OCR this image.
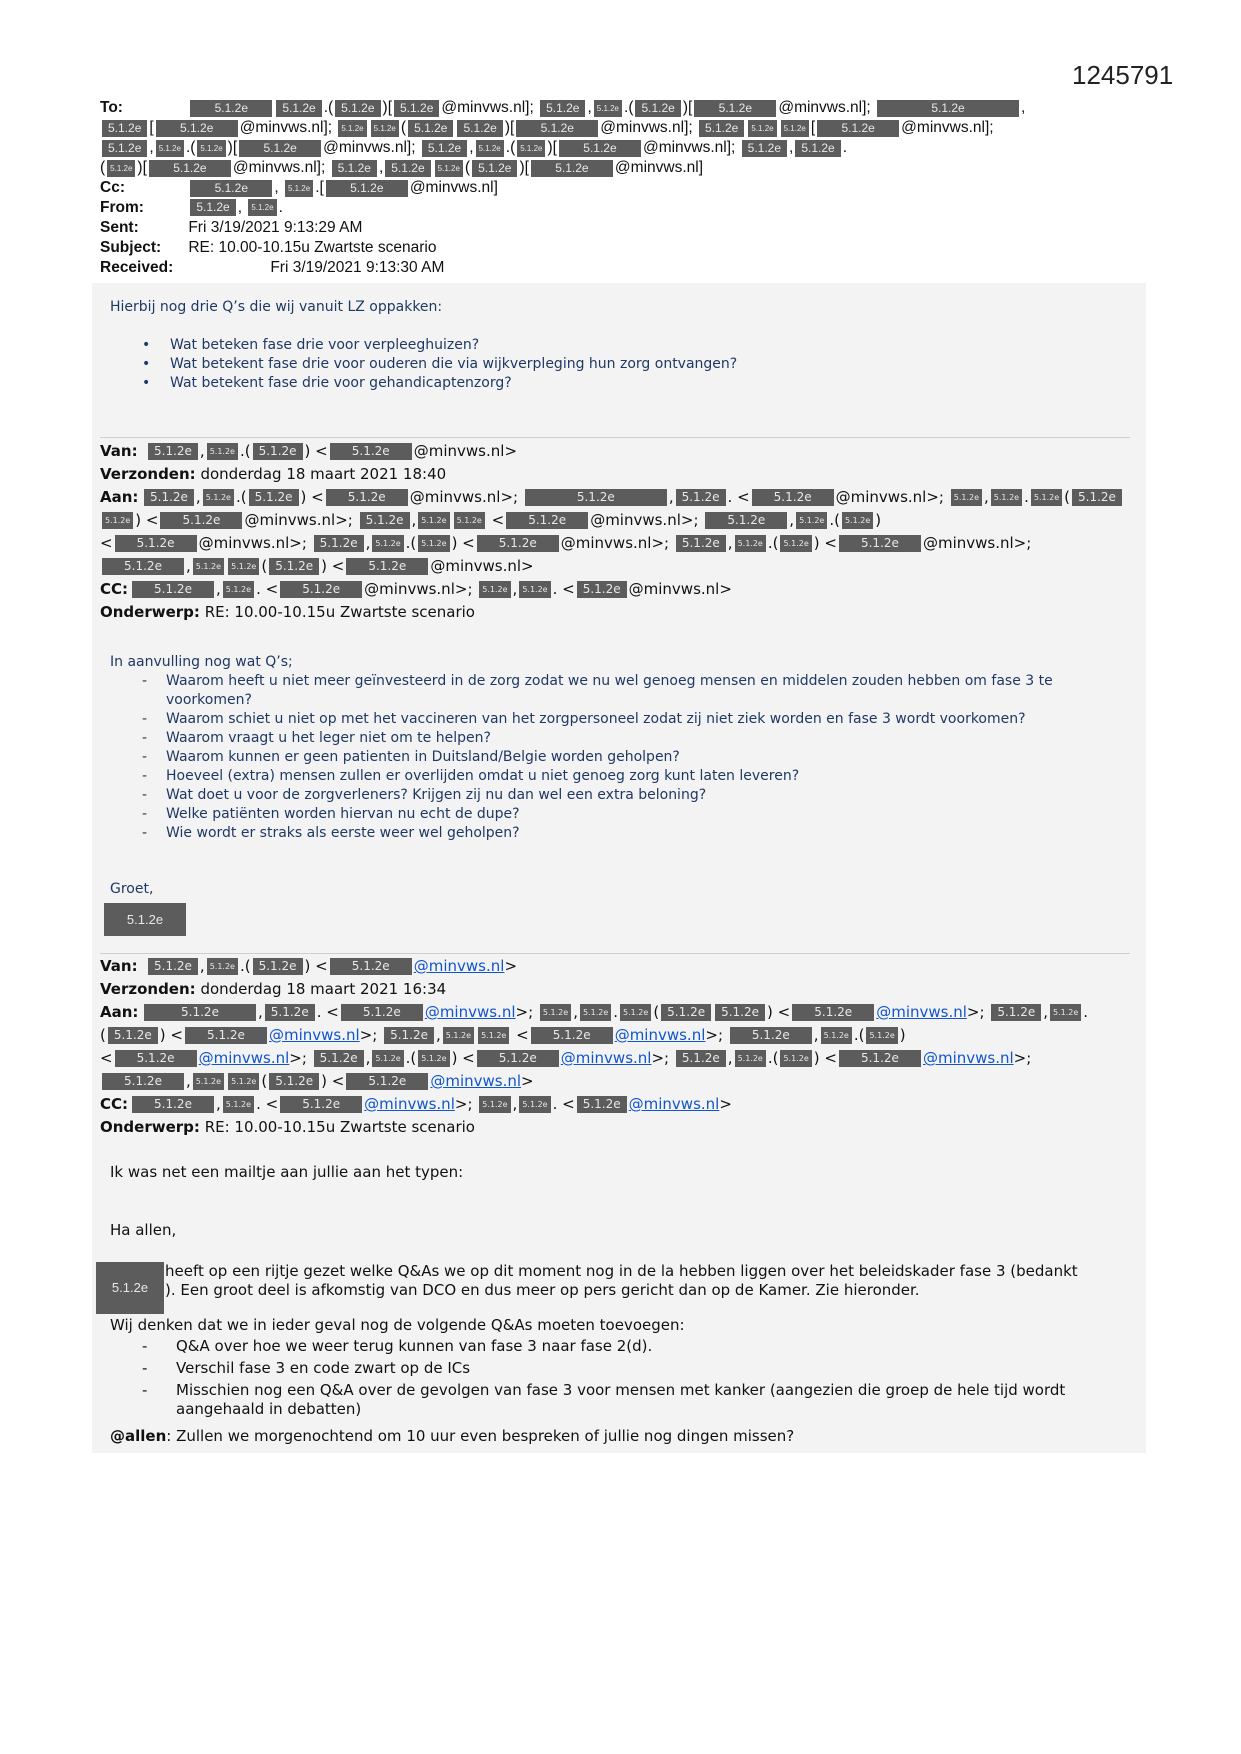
1245791
To:	5.1.2e	5.1.2e .( 5.1.2e )[ 5.1.2e @minvws.nl]; 5.1.2e , 5.1.2e .( 5.1.2e )[ 5.1.2e @minvws.nl];	5.1.2e	,
5.1.2e [ 5.1.2e @minvws.nl]; 5.1.2e 5.1.2e ( 5.1.2e 5.1.2e )[ 5.1.2e @minvws.nl]; 5.1.2e 5.1.2e 5.1.2e [ 5.1.2e @minvws.nl];
5.1.2e , 5.1.2e .( 5.1.2e )[ 5.1.2e @minvws.nl]; 5.1.2e , 5.1.2e .( 5.1.2e )[ 5.1.2e @minvws.nl]; 5.1.2e , 5.1.2e .
( 5.1.2e )[ 5.1.2e @minvws.nl]; 5.1.2e , 5.1.2e 5.1.2e ( 5.1.2e )[ 5.1.2e @minvws.nl]
Cc:	5.1.2e , 5.1.2e .[ 5.1.2e @minvws.nl]
From:	5.1.2e , 5.1.2e .
Sent:	Fri 3/19/2021 9:13:29 AM
Subject: RE: 10.00-10.15u Zwartste scenario
Received:	Fri 3/19/2021 9:13:30 AM
Hierbij nog drie Q’s die wij vanuit LZ oppakken:
• Wat beteken fase drie voor verpleeghuizen?
• Wat betekent fase drie voor ouderen die via wijkverpleging hun zorg ontvangen?
• Wat betekent fase drie voor gehandicaptenzorg?
Van: 5.1.2e , 5.1.2e .( 5.1.2e ) < 5.1.2e @minvws.nl>
Verzonden: donderdag 18 maart 2021 18:40
Aan: 5.1.2e , 5.1.2e .( 5.1.2e ) < 5.1.2e @minvws.nl>;	5.1.2e	, 5.1.2e . < 5.1.2e @minvws.nl>; 5.1.2e , 5.1.2e . 5.1.2e ( 5.1.2e
5.1.2e ) < 5.1.2e @minvws.nl>; 5.1.2e , 5.1.2e 5.1.2e < 5.1.2e @minvws.nl>; 5.1.2e , 5.1.2e .( 5.1.2e )
< 5.1.2e @minvws.nl>; 5.1.2e , 5.1.2e .( 5.1.2e ) < 5.1.2e @minvws.nl>; 5.1.2e , 5.1.2e .( 5.1.2e ) < 5.1.2e @minvws.nl>;
5.1.2e , 5.1.2e 5.1.2e ( 5.1.2e ) < 5.1.2e @minvws.nl>
CC: 5.1.2e , 5.1.2e . < 5.1.2e @minvws.nl>; 5.1.2e , 5.1.2e . < 5.1.2e @minvws.nl>
Onderwerp: RE: 10.00-10.15u Zwartste scenario
In aanvulling nog wat Q’s;
- Waarom heeft u niet meer geïnvesteerd in de zorg zodat we nu wel genoeg mensen en middelen zouden hebben om fase 3 te voorkomen?
- Waarom schiet u niet op met het vaccineren van het zorgpersoneel zodat zij niet ziek worden en fase 3 wordt voorkomen?
- Waarom vraagt u het leger niet om te helpen?
- Waarom kunnen er geen patienten in Duitsland/Belgie worden geholpen?
- Hoeveel (extra) mensen zullen er overlijden omdat u niet genoeg zorg kunt laten leveren?
- Wat doet u voor de zorgverleners? Krijgen zij nu dan wel een extra beloning?
- Welke patiënten worden hiervan nu echt de dupe?
- Wie wordt er straks als eerste weer wel geholpen?
Groet,
5.1.2e
Van: 5.1.2e , 5.1.2e .( 5.1.2e ) < 5.1.2e @minvws.nl>
Verzonden: donderdag 18 maart 2021 16:34
Aan:	5.1.2e	, 5.1.2e . < 5.1.2e @minvws.nl>; 5.1.2e , 5.1.2e . 5.1.2e ( 5.1.2e 5.1.2e ) < 5.1.2e @minvws.nl>; 5.1.2e , 5.1.2e .
( 5.1.2e ) < 5.1.2e @minvws.nl>; 5.1.2e , 5.1.2e 5.1.2e < 5.1.2e @minvws.nl>; 5.1.2e , 5.1.2e .( 5.1.2e )
< 5.1.2e @minvws.nl>; 5.1.2e , 5.1.2e .( 5.1.2e ) < 5.1.2e @minvws.nl>; 5.1.2e , 5.1.2e .( 5.1.2e ) < 5.1.2e @minvws.nl>;
5.1.2e , 5.1.2e 5.1.2e ( 5.1.2e ) < 5.1.2e @minvws.nl>
CC: 5.1.2e , 5.1.2e . < 5.1.2e @minvws.nl>; 5.1.2e , 5.1.2e . < 5.1.2e @minvws.nl>
Onderwerp: RE: 10.00-10.15u Zwartste scenario
Ik was net een mailtje aan jullie aan het typen:
Ha allen,
5.1.2e
heeft op een rijtje gezet welke Q&As we op dit moment nog in de la hebben liggen over het beleidskader fase 3 (bedankt
). Een groot deel is afkomstig van DCO en dus meer op pers gericht dan op de Kamer. Zie hieronder.
Wij denken dat we in ieder geval nog de volgende Q&As moeten toevoegen:
- Q&A over hoe we weer terug kunnen van fase 3 naar fase 2(d).
- Verschil fase 3 en code zwart op de ICs
- Misschien nog een Q&A over de gevolgen van fase 3 voor mensen met kanker (aangezien die groep de hele tijd wordt aangehaald in debatten)
@allen: Zullen we morgenochtend om 10 uur even bespreken of jullie nog dingen missen?
